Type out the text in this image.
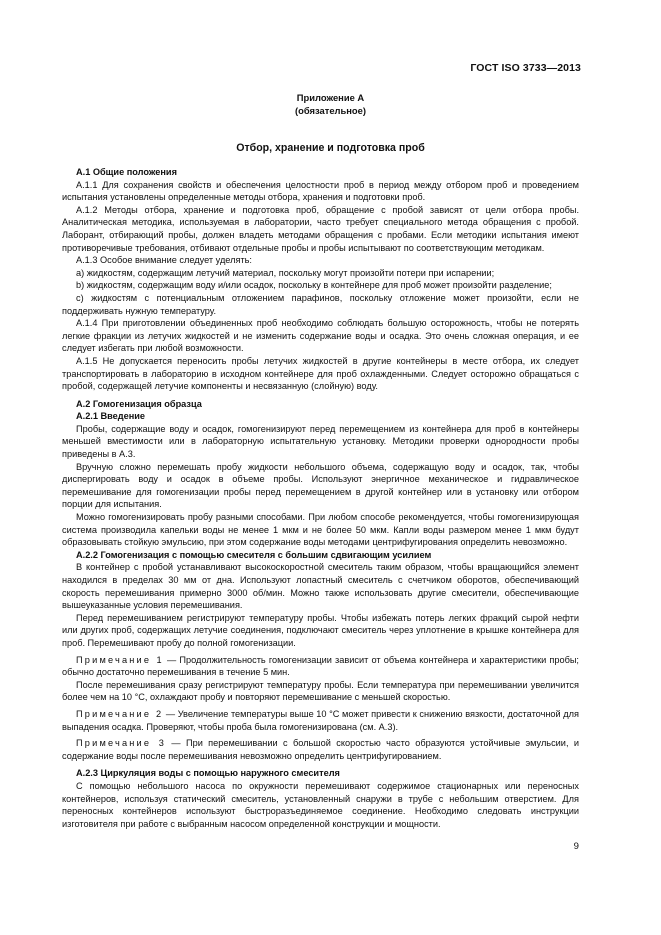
ГОСТ ISO 3733—2013
Приложение А
(обязательное)
Отбор, хранение и подготовка проб
А.1 Общие положения

А.1.1 Для сохранения свойств и обеспечения целостности проб в период между отбором проб и проведением испытания установлены определенные методы отбора, хранения и подготовки проб.

А.1.2 Методы отбора, хранение и подготовка проб, обращение с пробой зависят от цели отбора пробы. Аналитическая методика, используемая в лаборатории, часто требует специального метода обращения с пробой. Лаборант, отбирающий пробы, должен владеть методами обращения с пробами. Если методики испытания имеют противоречивые требования, отбивают отдельные пробы и пробы испытывают по соответствующим методикам.

А.1.3 Особое внимание следует уделять:

а) жидкостям, содержащим летучий материал, поскольку могут произойти потери при испарении;

b) жидкостям, содержащим воду и/или осадок, поскольку в контейнере для проб может произойти разделение;

с) жидкостям с потенциальным отложением парафинов, поскольку отложение может произойти, если не поддерживать нужную температуру.

А.1.4 При приготовлении объединенных проб необходимо соблюдать большую осторожность, чтобы не потерять легкие фракции из летучих жидкостей и не изменить содержание воды и осадка. Это очень сложная операция, и ее следует избегать при любой возможности.

А.1.5 Не допускается переносить пробы летучих жидкостей в другие контейнеры в месте отбора, их следует транспортировать в лабораторию в исходном контейнере для проб охлажденными. Следует осторожно обращаться с пробой, содержащей летучие компоненты и несвязанную (слойную) воду.

А.2 Гомогенизация образца
А.2.1 Введение

Пробы, содержащие воду и осадок, гомогенизируют перед перемещением из контейнера для проб в контейнеры меньшей вместимости или в лабораторную испытательную установку. Методики проверки однородности пробы приведены в А.3.

Вручную сложно перемешать пробу жидкости небольшого объема, содержащую воду и осадок, так, чтобы диспергировать воду и осадок в объеме пробы. Используют энергичное механическое и гидравлическое перемешивание для гомогенизации пробы перед перемещением в другой контейнер или в установку или отбором порции для испытания.

Можно гомогенизировать пробу разными способами. При любом способе рекомендуется, чтобы гомогенизирующая система производила капельки воды не менее 1 мкм и не более 50 мкм. Капли воды размером менее 1 мкм будут образовывать стойкую эмульсию, при этом содержание воды методами центрифугирования определить невозможно.

А.2.2 Гомогенизация с помощью смесителя с большим сдвигающим усилием

В контейнер с пробой устанавливают высокоскоростной смеситель таким образом, чтобы вращающийся элемент находился в пределах 30 мм от дна. Используют лопастный смеситель с счетчиком оборотов, обеспечивающий скорость перемешивания примерно 3000 об/мин. Можно также использовать другие смесители, обеспечивающие вышеуказанные условия перемешивания.

Перед перемешиванием регистрируют температуру пробы. Чтобы избежать потерь легких фракций сырой нефти или других проб, содержащих летучие соединения, подключают смеситель через уплотнение в крышке контейнера для проб. Перемешивают пробу до полной гомогенизации.

Примечание 1 — Продолжительность гомогенизации зависит от объема контейнера и характеристики пробы; обычно достаточно перемешивания в течение 5 мин.

После перемешивания сразу регистрируют температуру пробы. Если температура при перемешивании увеличится более чем на 10 °С, охлаждают пробу и повторяют перемешивание с меньшей скоростью.

Примечание 2 — Увеличение температуры выше 10 °С может привести к снижению вязкости, достаточной для выпадения осадка. Проверяют, чтобы проба была гомогенизирована (см. А.3).

Примечание 3 — При перемешивании с большой скоростью часто образуются устойчивые эмульсии, и содержание воды после перемешивания невозможно определить центрифугированием.

А.2.3 Циркуляция воды с помощью наружного смесителя

С помощью небольшого насоса по окружности перемешивают содержимое стационарных или переносных контейнеров, используя статический смеситель, установленный снаружи в трубе с небольшим отверстием. Для переносных контейнеров используют быстроразъединяемое соединение. Необходимо следовать инструкции изготовителя при работе с выбранным насосом определенной конструкции и мощности.

9
